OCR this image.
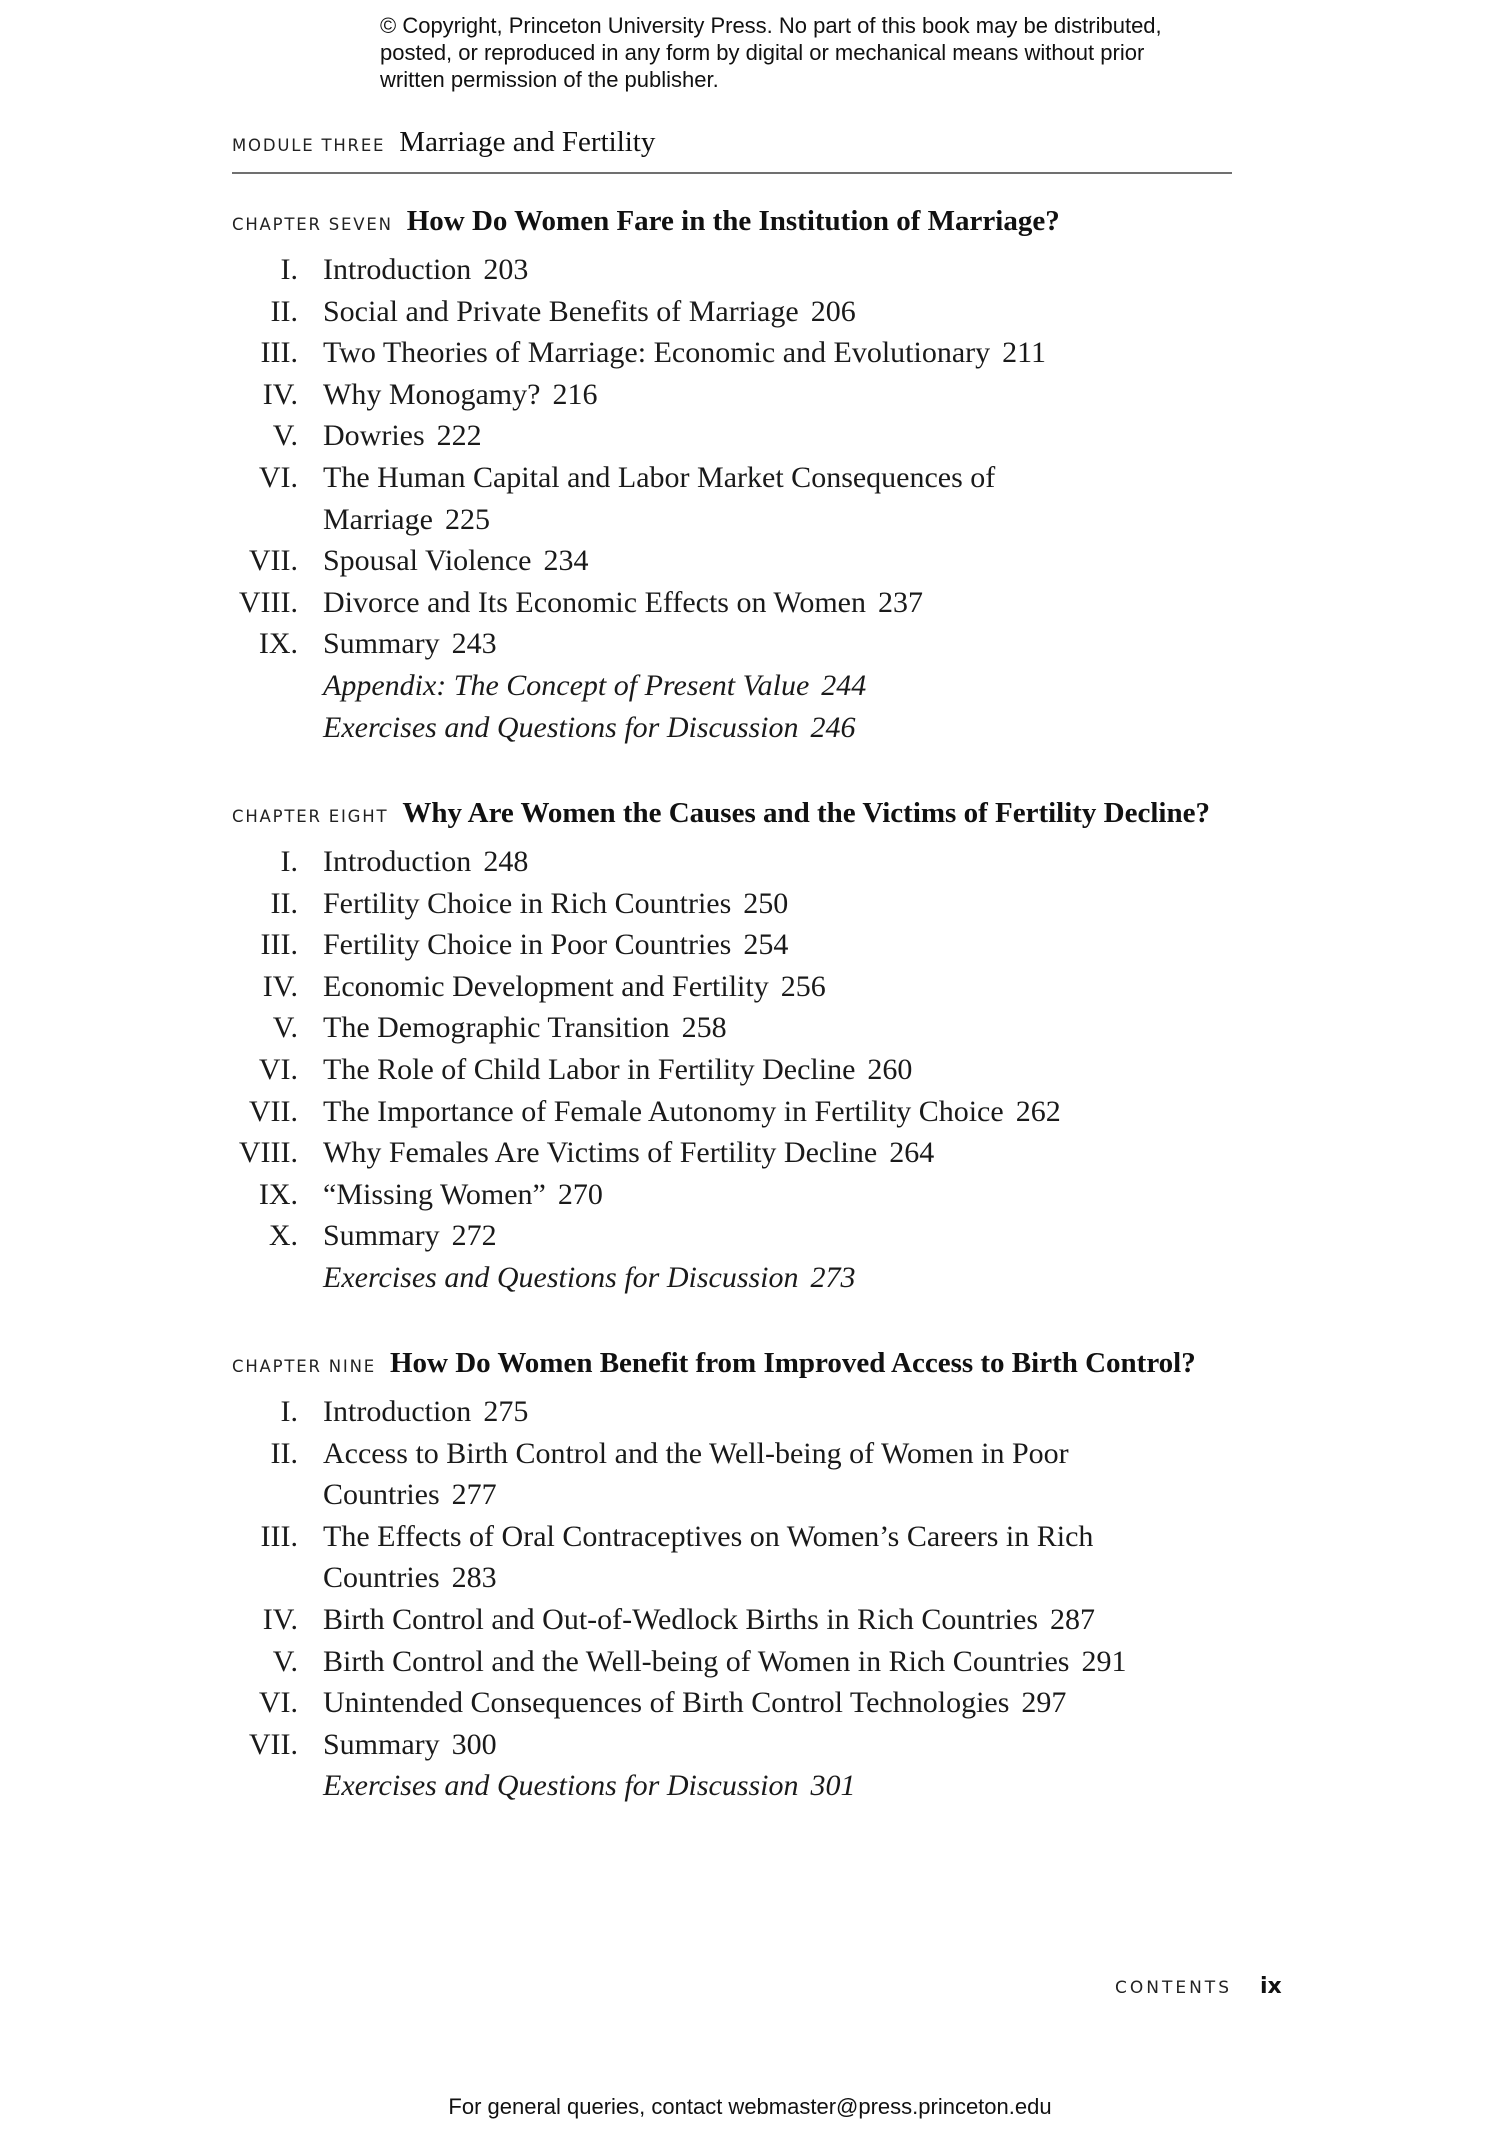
© Copyright, Princeton University Press. No part of this book may be distributed, posted, or reproduced in any form by digital or mechanical means without prior written permission of the publisher.
MODULE THREE Marriage and Fertility
CHAPTER SEVEN How Do Women Fare in the Institution of Marriage?
I. Introduction 203
II. Social and Private Benefits of Marriage 206
III. Two Theories of Marriage: Economic and Evolutionary 211
IV. Why Monogamy? 216
V. Dowries 222
VI. The Human Capital and Labor Market Consequences of Marriage 225
VII. Spousal Violence 234
VIII. Divorce and Its Economic Effects on Women 237
IX. Summary 243
Appendix: The Concept of Present Value 244
Exercises and Questions for Discussion 246
CHAPTER EIGHT Why Are Women the Causes and the Victims of Fertility Decline?
I. Introduction 248
II. Fertility Choice in Rich Countries 250
III. Fertility Choice in Poor Countries 254
IV. Economic Development and Fertility 256
V. The Demographic Transition 258
VI. The Role of Child Labor in Fertility Decline 260
VII. The Importance of Female Autonomy in Fertility Choice 262
VIII. Why Females Are Victims of Fertility Decline 264
IX. “Missing Women” 270
X. Summary 272
Exercises and Questions for Discussion 273
CHAPTER NINE How Do Women Benefit from Improved Access to Birth Control?
I. Introduction 275
II. Access to Birth Control and the Well-being of Women in Poor Countries 277
III. The Effects of Oral Contraceptives on Women’s Careers in Rich Countries 283
IV. Birth Control and Out-of-Wedlock Births in Rich Countries 287
V. Birth Control and the Well-being of Women in Rich Countries 291
VI. Unintended Consequences of Birth Control Technologies 297
VII. Summary 300
Exercises and Questions for Discussion 301
CONTENTS ix
For general queries, contact webmaster@press.princeton.edu
